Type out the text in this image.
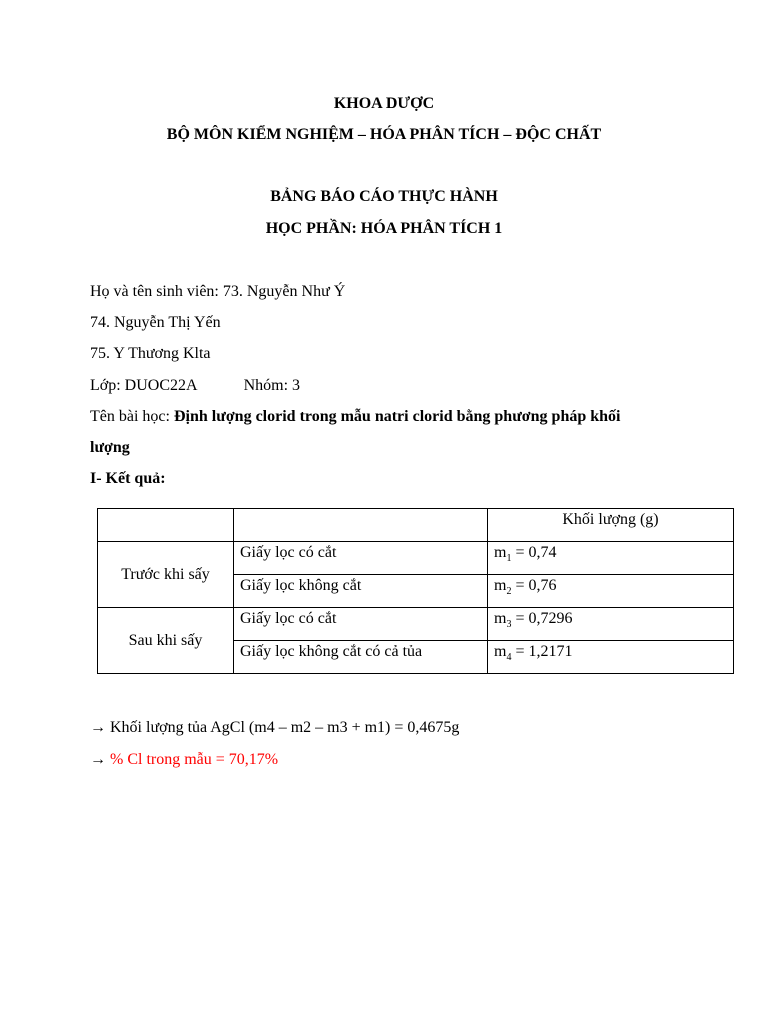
KHOA DƯỢC
BỘ MÔN KIỂM NGHIỆM – HÓA PHÂN TÍCH – ĐỘC CHẤT
BẢNG BÁO CÁO THỰC HÀNH
HỌC PHẦN: HÓA PHÂN TÍCH 1
Họ và tên sinh viên: 73. Nguyễn Như Ý
74. Nguyễn Thị Yến
75. Y Thương Klta
Lớp: DUOC22A	Nhóm: 3
Tên bài học: Định lượng clorid trong mẫu natri clorid bằng phương pháp khối
lượng
I- Kết quả:
		Khối lượng (g)
Trước khi sấy	Giấy lọc có cắt	$m_1 = 0,74$
	Giấy lọc không cắt	$m_2 = 0,76$
Sau khi sấy	Giấy lọc có cắt	$m_3 = 0,7296$
	Giấy lọc không cắt có cả tủa	$m_4 = 1,2171$
→ Khối lượng tủa AgCl (m4 – m2 – m3 + m1) = 0,4675g
→ % Cl trong mẫu = 70,17%
